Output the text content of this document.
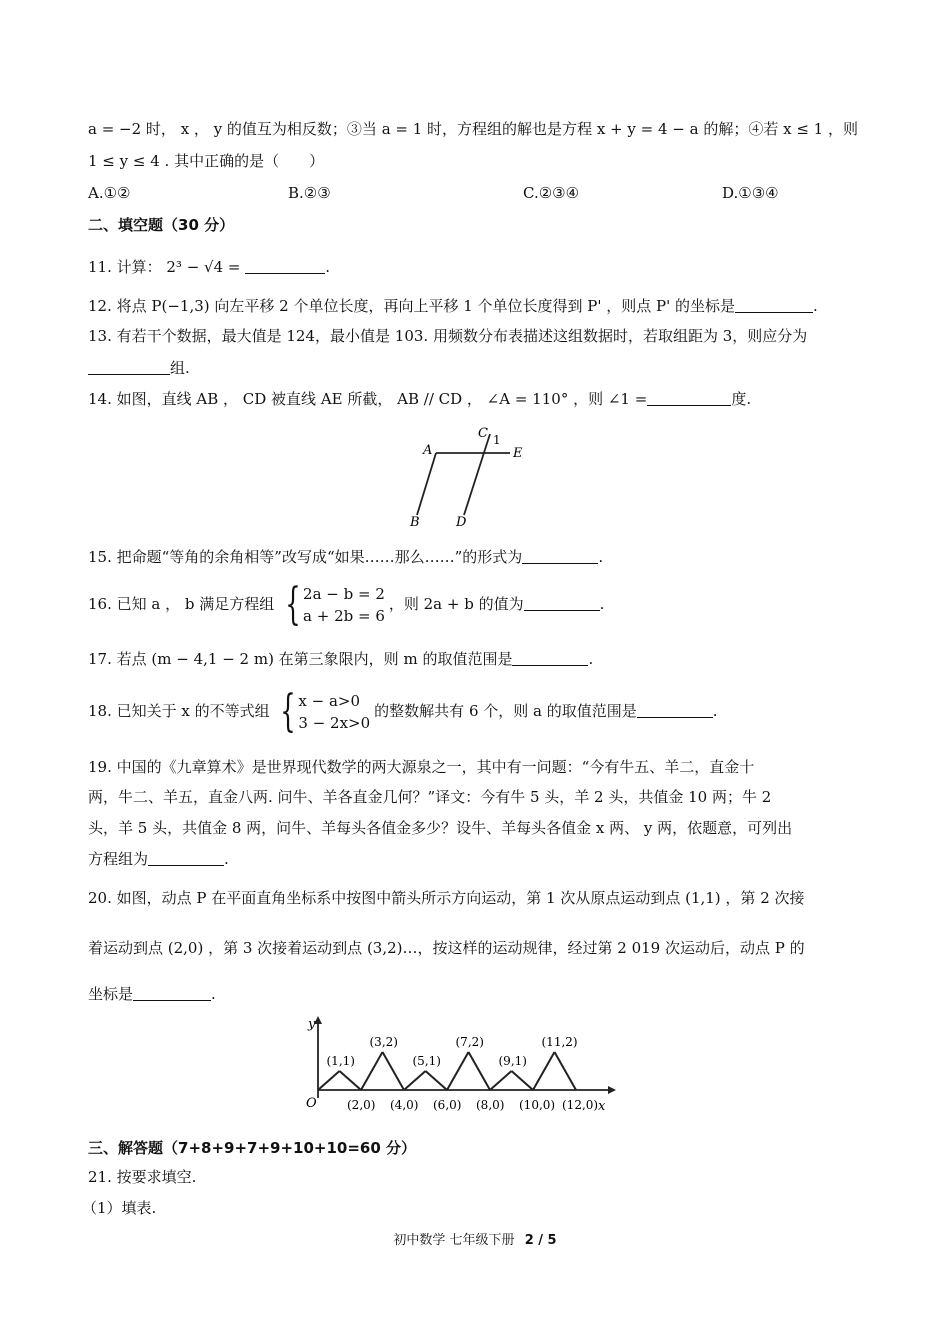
a = −2 时， x ， y 的值互为相反数；③当 a = 1 时，方程组的解也是方程 x + y = 4 − a 的解；④若 x ≤ 1 ，则
1 ≤ y ≤ 4 . 其中正确的是（　　）
A.①②	B.②③	C.②③④	D.①③④
二、填空题（30 分）
11. 计算： 2³ − √4 =	.
12. 将点 P(−1,3) 向左平移 2 个单位长度，再向上平移 1 个单位长度得到 P' ，则点 P' 的坐标是	.
13. 有若干个数据，最大值是 124，最小值是 103. 用频数分布表描述这组数据时，若取组距为 3，则应分为
组.
14. 如图，直线 AB ， CD 被直线 AE 所截， AB // CD ， ∠A = 110° ，则 ∠1 =	度.
A
C 1
E
B	D
15. 把命题“等角的余角相等”改写成“如果……那么……”的形式为	.
16. 已知 a ， b 满足方程组 { 2a − b = 2
a + 2b = 6
，则 2a + b 的值为	.
17. 若点 (m − 4,1 − 2 m) 在第三象限内，则 m 的取值范围是	.
18. 已知关于 x 的不等式组 { x − a>0
3 − 2x>0
的整数解共有 6 个，则 a 的取值范围是	.
19. 中国的《九章算术》是世界现代数学的两大源泉之一，其中有一问题：“今有牛五、羊二，直金十
两，牛二、羊五，直金八两. 问牛、羊各直金几何？”译文：今有牛 5 头，羊 2 头，共值金 10 两；牛 2
头，羊 5 头，共值金 8 两，问牛、羊每头各值金多少？设牛、羊每头各值金 x 两、 y 两，依题意，可列出
方程组为	.
20. 如图，动点 P 在平面直角坐标系中按图中箭头所示方向运动，第 1 次从原点运动到点 (1,1) ，第 2 次接
着运动到点 (2,0) ，第 3 次接着运动到点 (3,2)…，按这样的运动规律，经过第 2 019 次运动后，动点 P 的
坐标是	.
y
x
O
(1,1)
(3,2)
(5,1)
(7,2)
(9,1)
(11,2)
(2,0) (4,0) (6,0) (8,0) (10,0) (12,0)
三、解答题（7+8+9+7+9+10+10=60 分）
21. 按要求填空.
（1）填表.
初中数学 七年级下册 2 / 5
